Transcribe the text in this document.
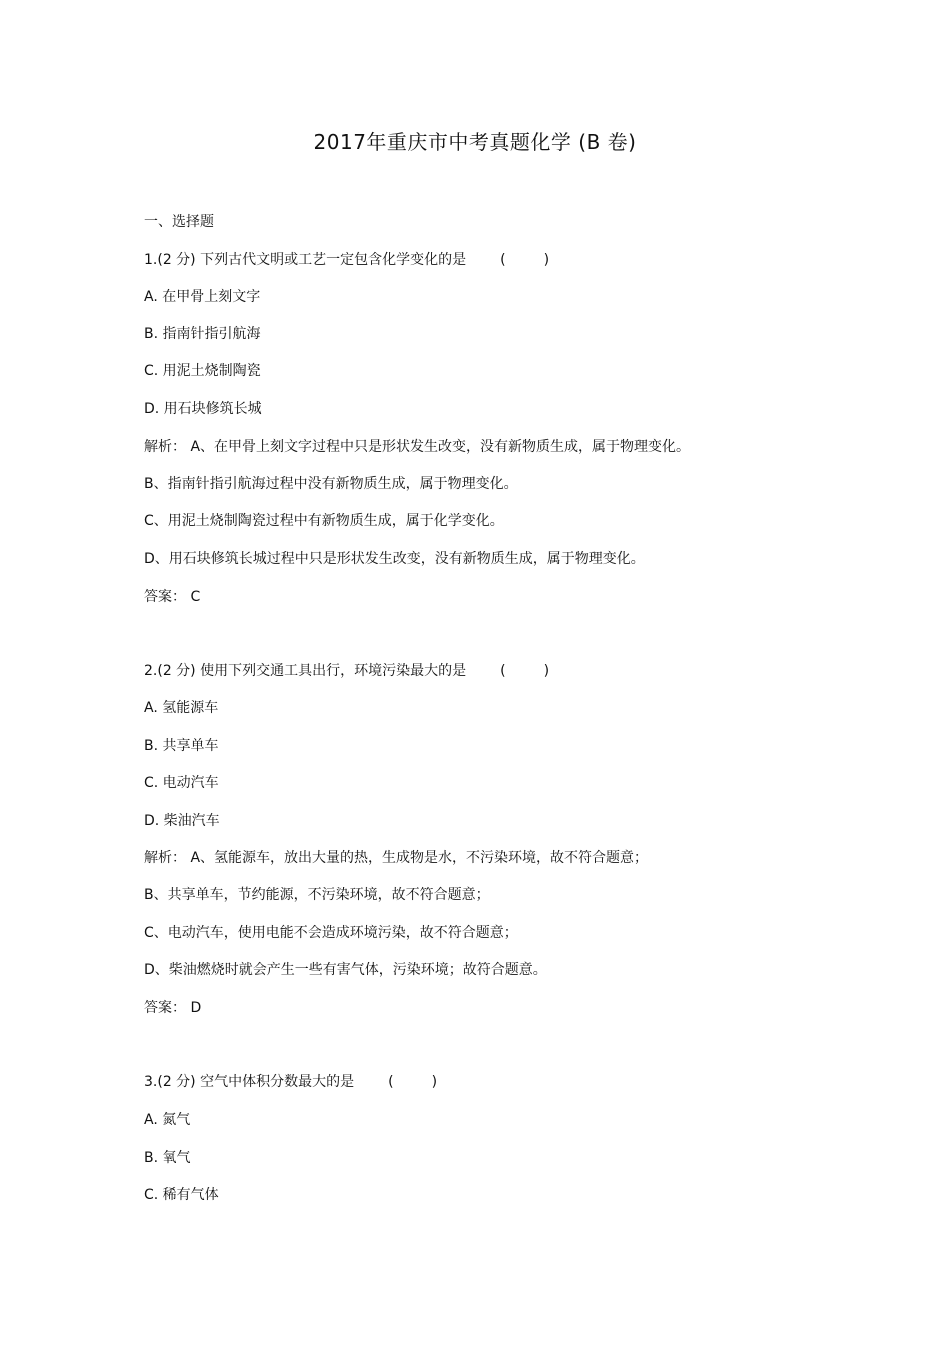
2017年重庆市中考真题化学 (B 卷)
一、选择题
1.(2 分) 下列古代文明或工艺一定包含化学变化的是 (	)
A. 在甲骨上刻文字
B. 指南针指引航海
C. 用泥土烧制陶瓷
D. 用石块修筑长城
解析： A、在甲骨上刻文字过程中只是形状发生改变，没有新物质生成，属于物理变化。
B、指南针指引航海过程中没有新物质生成，属于物理变化。
C、用泥土烧制陶瓷过程中有新物质生成，属于化学变化。
D、用石块修筑长城过程中只是形状发生改变，没有新物质生成，属于物理变化。
答案： C
2.(2 分) 使用下列交通工具出行，环境污染最大的是 (	)
A. 氢能源车
B. 共享单车
C. 电动汽车
D. 柴油汽车
解析： A、氢能源车，放出大量的热，生成物是水，不污染环境，故不符合题意；
B、共享单车，节约能源，不污染环境，故不符合题意；
C、电动汽车，使用电能不会造成环境污染，故不符合题意；
D、柴油燃烧时就会产生一些有害气体，污染环境；故符合题意。
答案： D
3.(2 分) 空气中体积分数最大的是 (	)
A. 氮气
B. 氧气
C. 稀有气体
